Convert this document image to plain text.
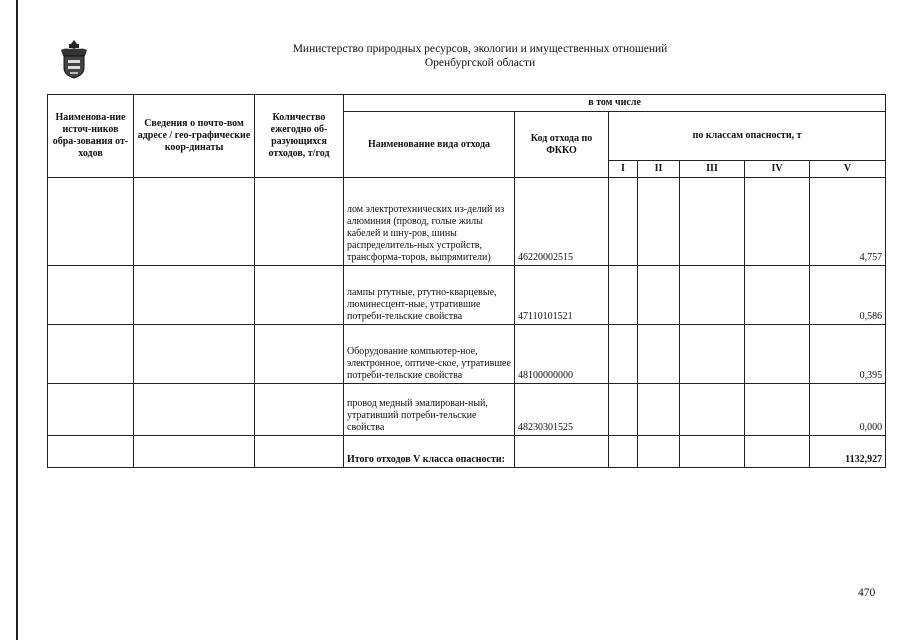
Министерство природных ресурсов, экологии и имущественных отношений
Оренбургской области
Наименова-ние источ-ников обра-зования от-ходов	Сведения о почто-вом адресе / гео-графические коор-динаты	Количество ежегодно об-разующихся отходов, т/год	в том числе						
			Наименование вида отхода	Код отхода по ФККО	по классам опасности, т				
					I	II	III	IV	V
			лом электротехнических из-делий из алюминия (провод, голые жилы кабелей и шну-ров, шины распределитель-ных устройств, трансформа-торов, выпрямители)	46220002515					4,757
			лампы ртутные, ртутно-кварцевые, люминесцент-ные, утратившие потреби-тельские свойства	47110101521					0,586
			Оборудование компьютер-ное, электронное, оптиче-ское, утратившее потреби-тельские свойства	48100000000					0,395
			провод медный эмалирован-ный, утративший потреби-тельские свойства	48230301525					0,000
			Итого отходов V класса опасности:						1132,927
470
